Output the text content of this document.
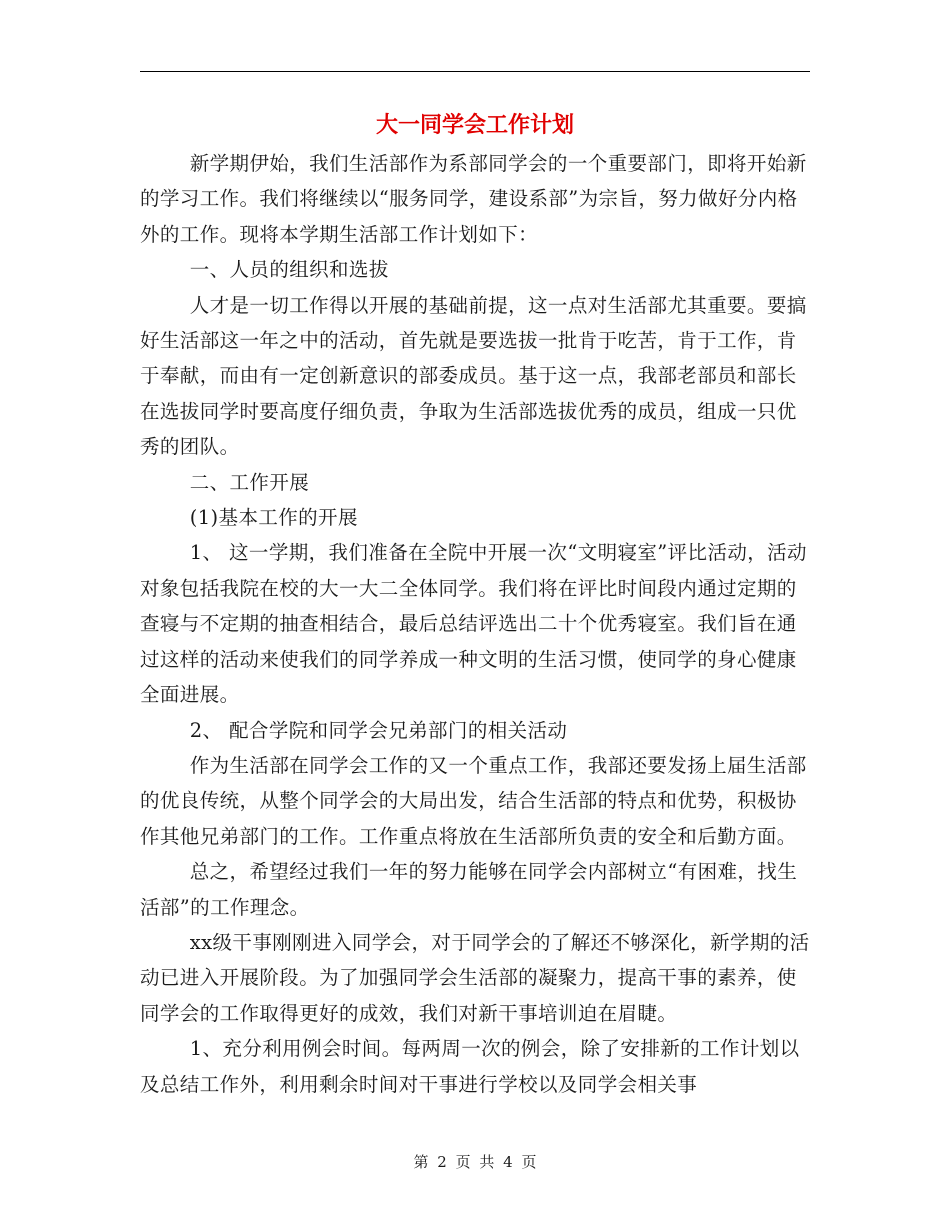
大一同学会工作计划

新学期伊始，我们生活部作为系部同学会的一个重要部门，即将开始新的学习工作。我们将继续以“服务同学，建设系部”为宗旨，努力做好分内格外的工作。现将本学期生活部工作计划如下：

一、人员的组织和选拔

人才是一切工作得以开展的基础前提，这一点对生活部尤其重要。要搞好生活部这一年之中的活动，首先就是要选拔一批肯于吃苦，肯于工作，肯于奉献，而由有一定创新意识的部委成员。基于这一点，我部老部员和部长在选拔同学时要高度仔细负责，争取为生活部选拔优秀的成员，组成一只优秀的团队。

二、工作开展

(1)基本工作的开展

1、 这一学期，我们准备在全院中开展一次“文明寝室”评比活动，活动对象包括我院在校的大一大二全体同学。我们将在评比时间段内通过定期的查寝与不定期的抽查相结合，最后总结评选出二十个优秀寝室。我们旨在通过这样的活动来使我们的同学养成一种文明的生活习惯，使同学的身心健康全面进展。

2、 配合学院和同学会兄弟部门的相关活动

作为生活部在同学会工作的又一个重点工作，我部还要发扬上届生活部的优良传统，从整个同学会的大局出发，结合生活部的特点和优势，积极协作其他兄弟部门的工作。工作重点将放在生活部所负责的安全和后勤方面。

总之，希望经过我们一年的努力能够在同学会内部树立“有困难，找生活部”的工作理念。

xx级干事刚刚进入同学会，对于同学会的了解还不够深化，新学期的活动已进入开展阶段。为了加强同学会生活部的凝聚力，提高干事的素养，使同学会的工作取得更好的成效，我们对新干事培训迫在眉睫。

1、充分利用例会时间。每两周一次的例会，除了安排新的工作计划以及总结工作外，利用剩余时间对干事进行学校以及同学会相关事

第 2 页 共 4 页
